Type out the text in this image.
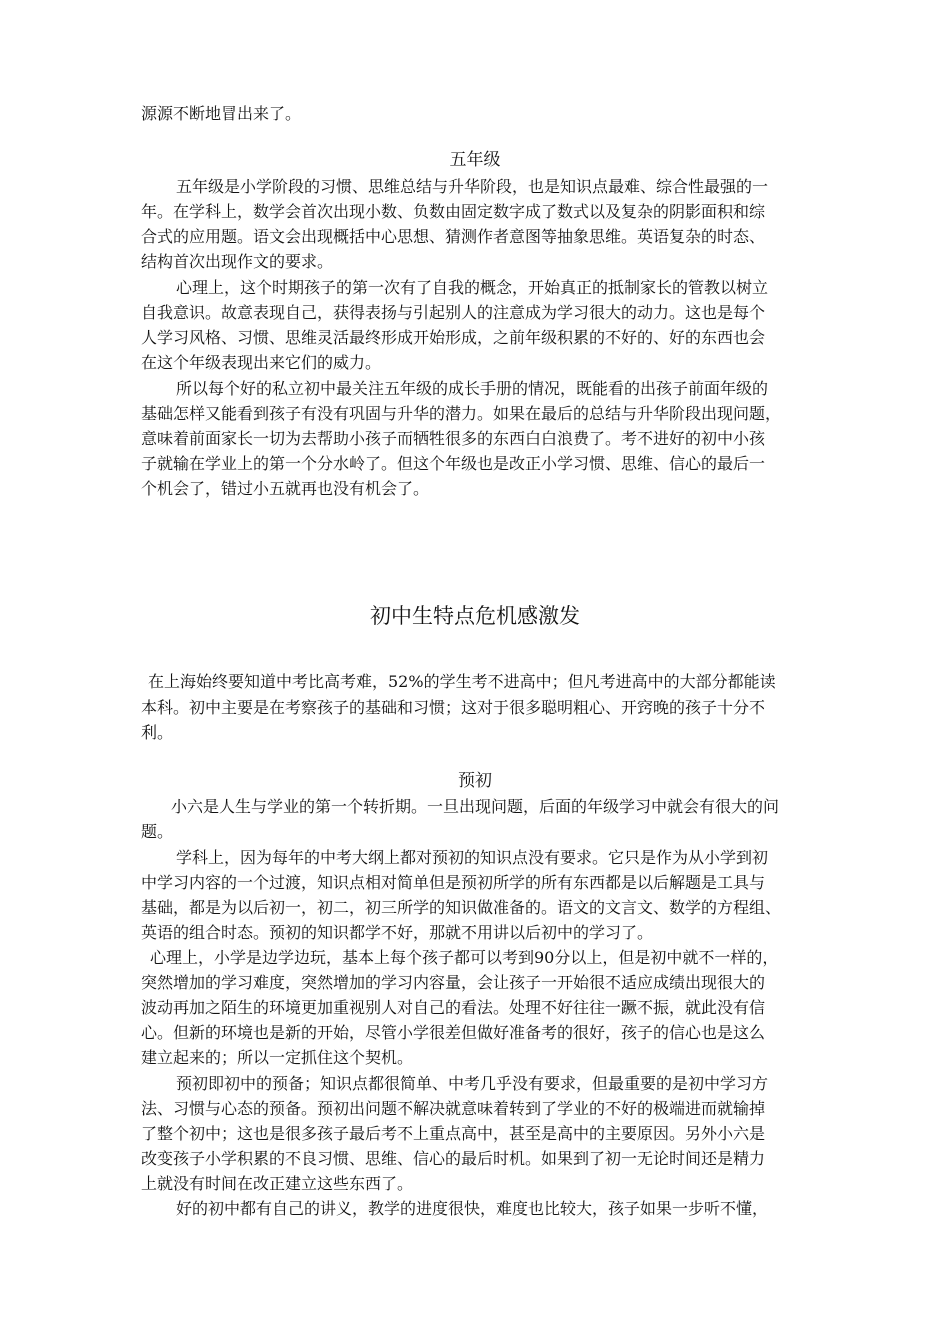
源源不断地冒出来了。
五年级
五年级是小学阶段的习惯、思维总结与升华阶段，也是知识点最难、综合性最强的一
年。在学科上，数学会首次出现小数、负数由固定数字成了数式以及复杂的阴影面积和综
合式的应用题。语文会出现概括中心思想、猜测作者意图等抽象思维。英语复杂的时态、
结构首次出现作文的要求。
心理上，这个时期孩子的第一次有了自我的概念，开始真正的抵制家长的管教以树立
自我意识。故意表现自己，获得表扬与引起别人的注意成为学习很大的动力。这也是每个
人学习风格、习惯、思维灵活最终形成开始形成，之前年级积累的不好的、好的东西也会
在这个年级表现出来它们的威力。
所以每个好的私立初中最关注五年级的成长手册的情况，既能看的出孩子前面年级的
基础怎样又能看到孩子有没有巩固与升华的潜力。如果在最后的总结与升华阶段出现问题，
意味着前面家长一切为去帮助小孩子而牺牲很多的东西白白浪费了。考不进好的初中小孩
子就输在学业上的第一个分水岭了。但这个年级也是改正小学习惯、思维、信心的最后一
个机会了，错过小五就再也没有机会了。
初中生特点危机感激发
在上海始终要知道中考比高考难，52%的学生考不进高中；但凡考进高中的大部分都能读
本科。初中主要是在考察孩子的基础和习惯；这对于很多聪明粗心、开窍晚的孩子十分不
利。
预初
小六是人生与学业的第一个转折期。一旦出现问题，后面的年级学习中就会有很大的问
题。
学科上，因为每年的中考大纲上都对预初的知识点没有要求。它只是作为从小学到初
中学习内容的一个过渡，知识点相对简单但是预初所学的所有东西都是以后解题是工具与
基础，都是为以后初一，初二，初三所学的知识做准备的。语文的文言文、数学的方程组、
英语的组合时态。预初的知识都学不好，那就不用讲以后初中的学习了。
心理上，小学是边学边玩，基本上每个孩子都可以考到90分以上，但是初中就不一样的，
突然增加的学习难度，突然增加的学习内容量，会让孩子一开始很不适应成绩出现很大的
波动再加之陌生的环境更加重视别人对自己的看法。处理不好往往一蹶不振，就此没有信
心。但新的环境也是新的开始，尽管小学很差但做好准备考的很好，孩子的信心也是这么
建立起来的；所以一定抓住这个契机。
预初即初中的预备；知识点都很简单、中考几乎没有要求，但最重要的是初中学习方
法、习惯与心态的预备。预初出问题不解决就意味着转到了学业的不好的极端进而就输掉
了整个初中；这也是很多孩子最后考不上重点高中，甚至是高中的主要原因。另外小六是
改变孩子小学积累的不良习惯、思维、信心的最后时机。如果到了初一无论时间还是精力
上就没有时间在改正建立这些东西了。
好的初中都有自己的讲义，教学的进度很快，难度也比较大，孩子如果一步听不懂，
